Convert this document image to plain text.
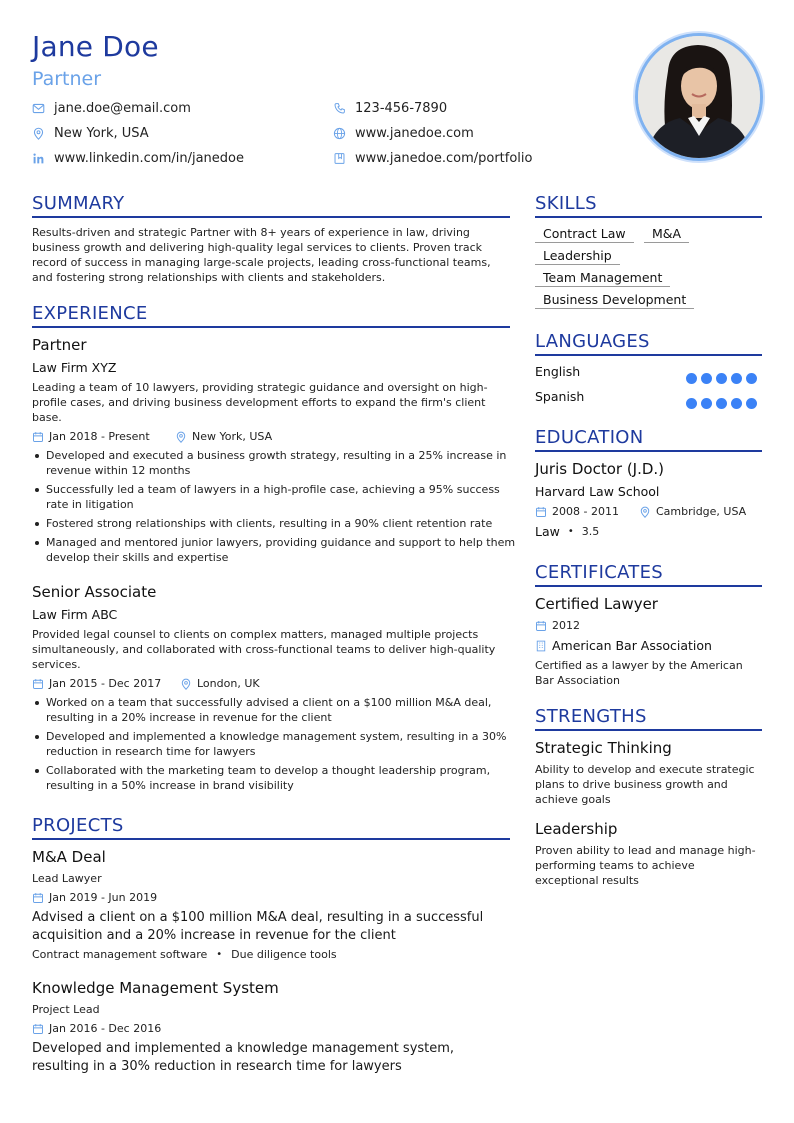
Jane Doe
Partner
jane.doe@email.com	123-456-7890
New York, USA	www.janedoe.com
www.linkedin.com/in/janedoe	www.janedoe.com/portfolio
SUMMARY
Results-driven and strategic Partner with 8+ years of experience in law, driving business growth and delivering high-quality legal services to clients. Proven track record of success in managing large-scale projects, leading cross-functional teams, and fostering strong relationships with clients and stakeholders.
EXPERIENCE
Partner
Law Firm XYZ
Leading a team of 10 lawyers, providing strategic guidance and oversight on high-profile cases, and driving business development efforts to expand the firm's client base.
Jan 2018 - Present	New York, USA
Developed and executed a business growth strategy, resulting in a 25% increase in revenue within 12 months
Successfully led a team of lawyers in a high-profile case, achieving a 95% success rate in litigation
Fostered strong relationships with clients, resulting in a 90% client retention rate
Managed and mentored junior lawyers, providing guidance and support to help them develop their skills and expertise
Senior Associate
Law Firm ABC
Provided legal counsel to clients on complex matters, managed multiple projects simultaneously, and collaborated with cross-functional teams to deliver high-quality services.
Jan 2015 - Dec 2017	London, UK
Worked on a team that successfully advised a client on a $100 million M&A deal, resulting in a 20% increase in revenue for the client
Developed and implemented a knowledge management system, resulting in a 30% reduction in research time for lawyers
Collaborated with the marketing team to develop a thought leadership program, resulting in a 50% increase in brand visibility
PROJECTS
M&A Deal
Lead Lawyer
Jan 2019 - Jun 2019
Advised a client on a $100 million M&A deal, resulting in a successful acquisition and a 20% increase in revenue for the client
Contract management software • Due diligence tools
Knowledge Management System
Project Lead
Jan 2016 - Dec 2016
Developed and implemented a knowledge management system, resulting in a 30% reduction in research time for lawyers
SKILLS
Contract Law	M&A
Leadership
Team Management
Business Development
LANGUAGES
English
Spanish
EDUCATION
Juris Doctor (J.D.)
Harvard Law School
2008 - 2011	Cambridge, USA
Law • 3.5
CERTIFICATES
Certified Lawyer
2012
American Bar Association
Certified as a lawyer by the American Bar Association
STRENGTHS
Strategic Thinking
Ability to develop and execute strategic plans to drive business growth and achieve goals
Leadership
Proven ability to lead and manage high-performing teams to achieve exceptional results
